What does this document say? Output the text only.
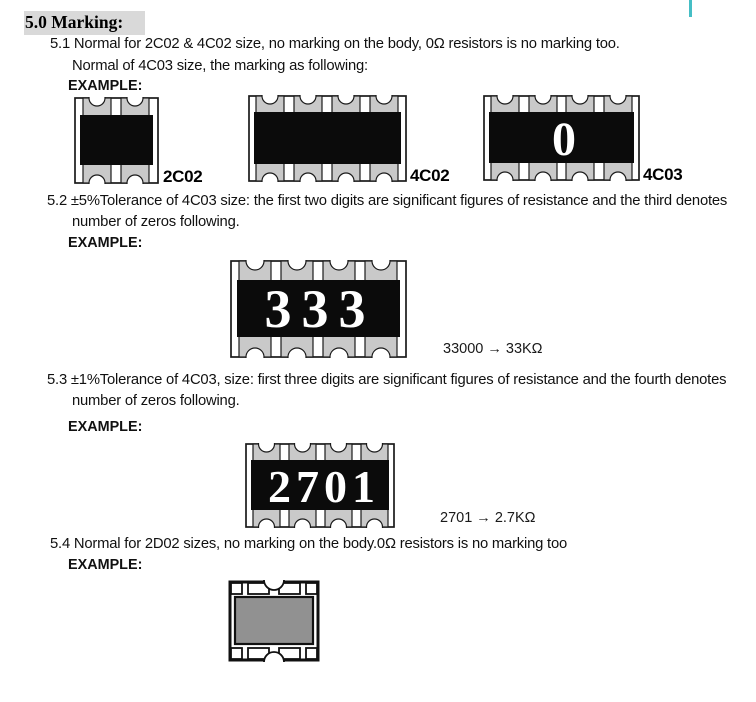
5.0 Marking:
5.1 Normal for 2C02 & 4C02 size, no marking on the body, 0Ω resistors is no marking too.
Normal of 4C03 size, the marking as following:
EXAMPLE:
2C02	4C02
0
4C03
5.2 ±5%Tolerance of 4C03 size: the first two digits are significant figures of resistance and the third denotes
number of zeros following.
EXAMPLE:
333
33000 → 33KΩ
5.3 ±1%Tolerance of 4C03, size: first three digits are significant figures of resistance and the fourth denotes
number of zeros following.
EXAMPLE:
2701
2701 → 2.7KΩ
5.4 Normal for 2D02 sizes, no marking on the body.0Ω resistors is no marking too
EXAMPLE:
